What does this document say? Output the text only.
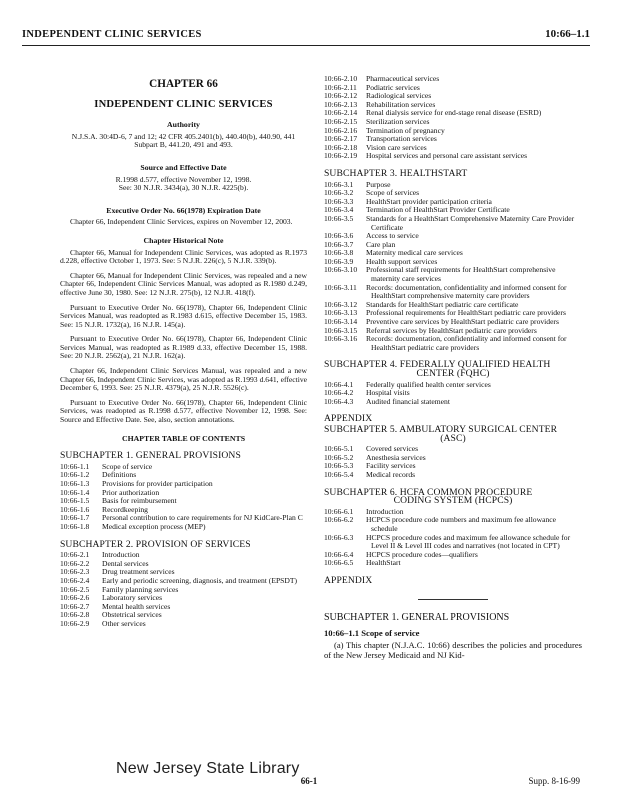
INDEPENDENT CLINIC SERVICES	10:66–1.1
CHAPTER 66
INDEPENDENT CLINIC SERVICES
Authority

N.J.S.A. 30:4D-6, 7 and 12; 42 CFR 405.2401(b), 440.40(b), 440.90, 441 Subpart B, 441.20, 491 and 493.

Source and Effective Date

R.1998 d.577, effective November 12, 1998.

See: 30 N.J.R. 3434(a), 30 N.J.R. 4225(b).

Executive Order No. 66(1978) Expiration Date

Chapter 66, Independent Clinic Services, expires on November 12, 2003.

Chapter Historical Note

Chapter 66, Manual for Independent Clinic Services, was adopted as R.1973 d.228, effective October 1, 1973. See: 5 N.J.R. 226(c), 5 N.J.R. 339(b).

Chapter 66, Manual for Independent Clinic Services, was repealed and a new Chapter 66, Independent Clinic Services Manual, was adopted as R.1980 d.249, effective June 30, 1980. See: 12 N.J.R. 275(b), 12 N.J.R. 418(f).

Pursuant to Executive Order No. 66(1978), Chapter 66, Independent Clinic Services Manual, was readopted as R.1983 d.615, effective December 15, 1983. See: 15 N.J.R. 1732(a), 16 N.J.R. 145(a).

Pursuant to Executive Order No. 66(1978), Chapter 66, Independent Clinic Services Manual, was readopted as R.1989 d.33, effective December 15, 1988. See: 20 N.J.R. 2562(a), 21 N.J.R. 162(a).

Chapter 66, Independent Clinic Services Manual, was repealed and a new Chapter 66, Independent Clinic Services, was adopted as R.1993 d.641, effective December 6, 1993. See: 25 N.J.R. 4379(a), 25 N.J.R. 5526(c).

Pursuant to Executive Order No. 66(1978), Chapter 66, Independent Clinic Services, was readopted as R.1998 d.577, effective November 12, 1998. See: Source and Effective Date. See, also, section annotations.

CHAPTER TABLE OF CONTENTS
SUBCHAPTER 1. GENERAL PROVISIONS
10:66-1.1	Scope of service
10:66-1.2	Definitions
10:66-1.3	Provisions for provider participation
10:66-1.4	Prior authorization
10:66-1.5	Basis for reimbursement
10:66-1.6	Recordkeeping
10:66-1.7	Personal contribution to care requirements for NJ KidCare-Plan C
10:66-1.8	Medical exception process (MEP)
SUBCHAPTER 2. PROVISION OF SERVICES
10:66-2.1	Introduction
10:66-2.2	Dental services
10:66-2.3	Drug treatment services
10:66-2.4	Early and periodic screening, diagnosis, and treatment (EPSDT)
10:66-2.5	Family planning services
10:66-2.6	Laboratory services
10:66-2.7	Mental health services
10:66-2.8	Obstetrical services
10:66-2.9	Other services
10:66-2.10	Pharmaceutical services
10:66-2.11	Podiatric services
10:66-2.12	Radiological services
10:66-2.13	Rehabilitation services
10:66-2.14	Renal dialysis service for end-stage renal disease (ESRD)
10:66-2.15	Sterilization services
10:66-2.16	Termination of pregnancy
10:66-2.17	Transportation services
10:66-2.18	Vision care services
10:66-2.19	Hospital services and personal care assistant services
SUBCHAPTER 3. HEALTHSTART
10:66-3.1	Purpose
10:66-3.2	Scope of services
10:66-3.3	HealthStart provider participation criteria
10:66-3.4	Termination of HealthStart Provider Certificate
10:66-3.5	Standards for a HealthStart Comprehensive Maternity Care Provider Certificate
10:66-3.6	Access to service
10:66-3.7	Care plan
10:66-3.8	Maternity medical care services
10:66-3.9	Health support services
10:66-3.10	Professional staff requirements for HealthStart comprehensive maternity care services
10:66-3.11	Records: documentation, confidentiality and informed consent for HealthStart comprehensive maternity care providers
10:66-3.12	Standards for HealthStart pediatric care certificate
10:66-3.13	Professional requirements for HealthStart pediatric care providers
10:66-3.14	Preventive care services by HealthStart pediatric care providers
10:66-3.15	Referral services by HealthStart pediatric care providers
10:66-3.16	Records: documentation, confidentiality and informed consent for HealthStart pediatric care providers
SUBCHAPTER 4. FEDERALLY QUALIFIED HEALTH
CENTER (FQHC)
10:66-4.1	Federally qualified health center services
10:66-4.2	Hospital visits
10:66-4.3	Audited financial statement
APPENDIX
SUBCHAPTER 5. AMBULATORY SURGICAL CENTER
(ASC)
10:66-5.1	Covered services
10:66-5.2	Anesthesia services
10:66-5.3	Facility services
10:66-5.4	Medical records
SUBCHAPTER 6. HCFA COMMON PROCEDURE
CODING SYSTEM (HCPCS)
10:66-6.1	Introduction
10:66-6.2	HCPCS procedure code numbers and maximum fee allowance schedule
10:66-6.3	HCPCS procedure codes and maximum fee allowance schedule for Level II & Level III codes and narratives (not located in CPT)
10:66-6.4	HCPCS procedure codes—qualifiers
10:66-6.5	HealthStart
APPENDIX
SUBCHAPTER 1. GENERAL PROVISIONS
10:66–1.1 Scope of service

(a) This chapter (N.J.A.C. 10:66) describes the policies and procedures of the New Jersey Medicaid and NJ Kid-

66-1	Supp. 8-16-99
New Jersey State Library
